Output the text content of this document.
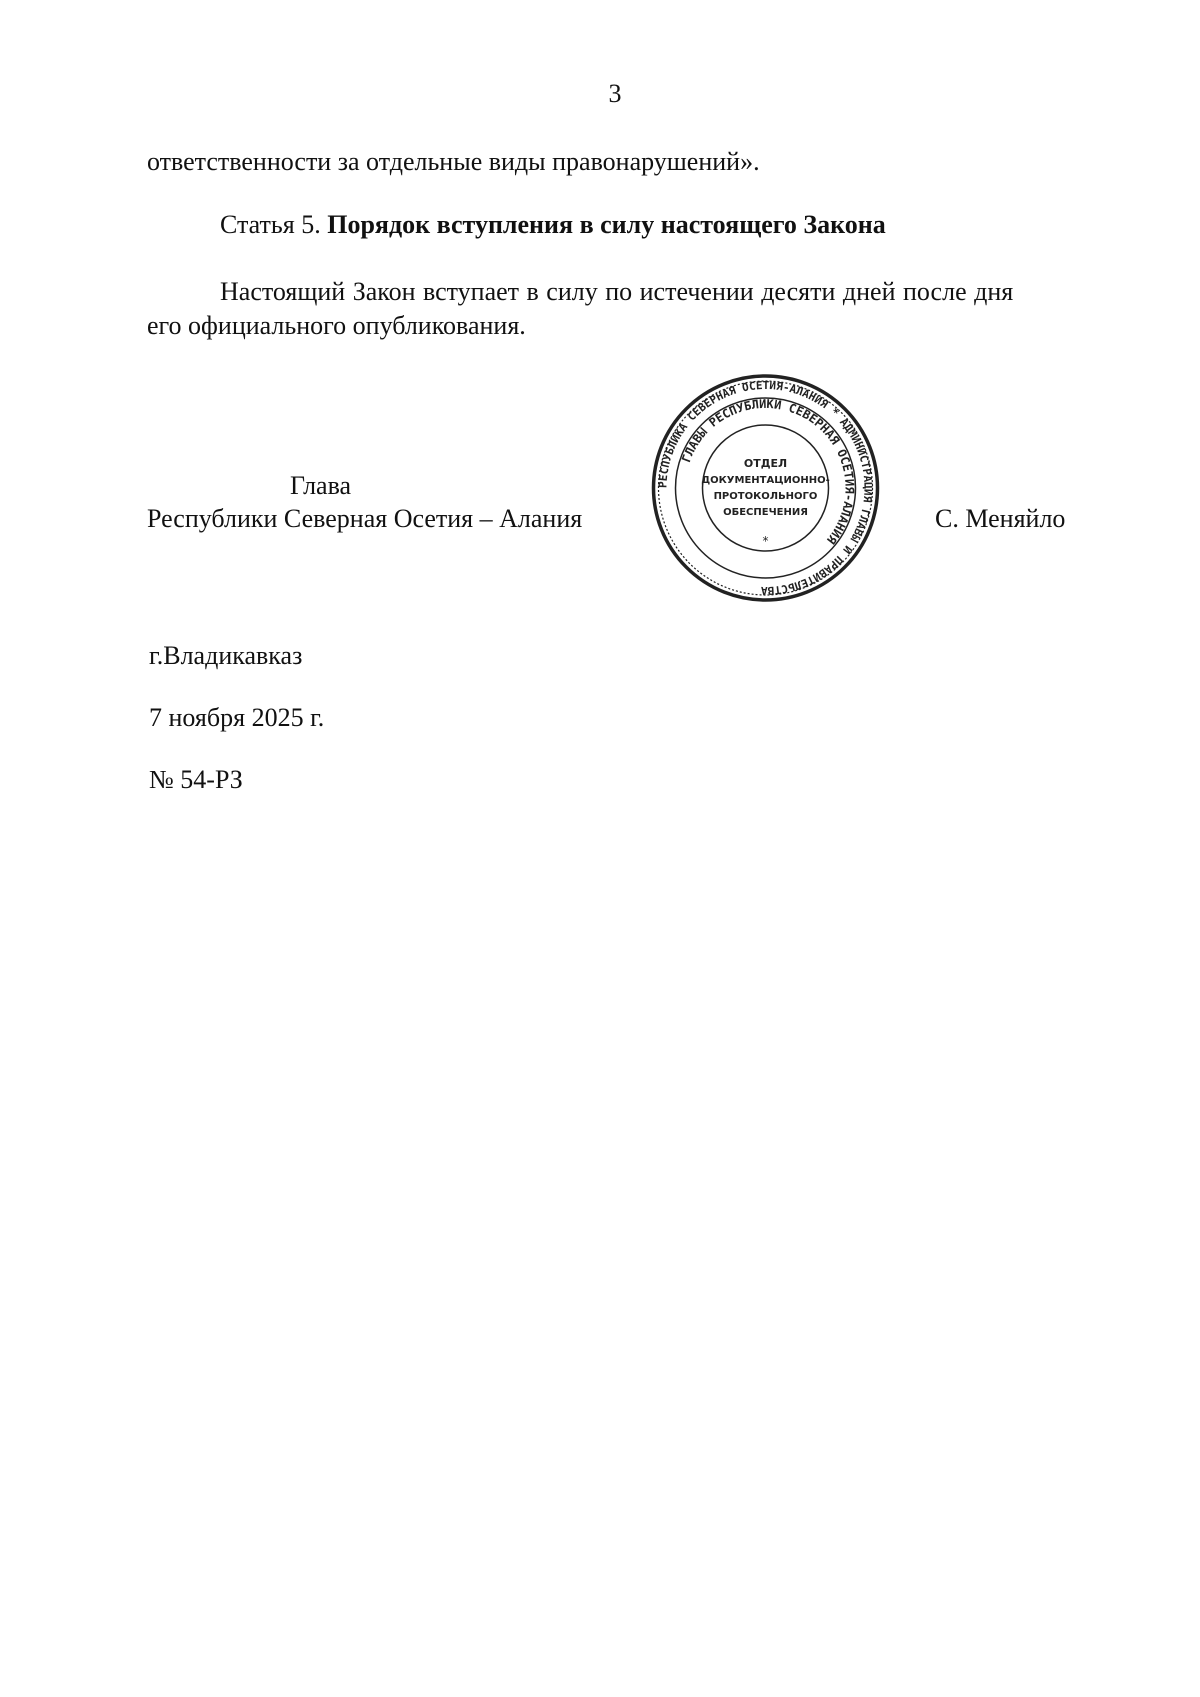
3
ответственности за отдельные виды правонарушений».
Статья 5. Порядок вступления в силу настоящего Закона
Настоящий Закон вступает в силу по истечении десяти дней после дня
его официального опубликования.
Глава
Республики Северная Осетия – Алания	С. Меняйло
РЕСПУБЛИКА СЕВЕРНАЯ ОСЕТИЯ-АЛАНИЯ * АДМИНИСТРАЦИЯ ГЛАВЫ И ПРАВИТЕЛЬСТВА
ГЛАВЫ РЕСПУБЛИКИ СЕВЕРНАЯ ОСЕТИЯ-АЛАНИЯ
ОТДЕЛ
ДОКУМЕНТАЦИОННО-
ПРОТОКОЛЬНОГО
ОБЕСПЕЧЕНИЯ
*
г.Владикавказ
7 ноября 2025 г.
№ 54-РЗ
